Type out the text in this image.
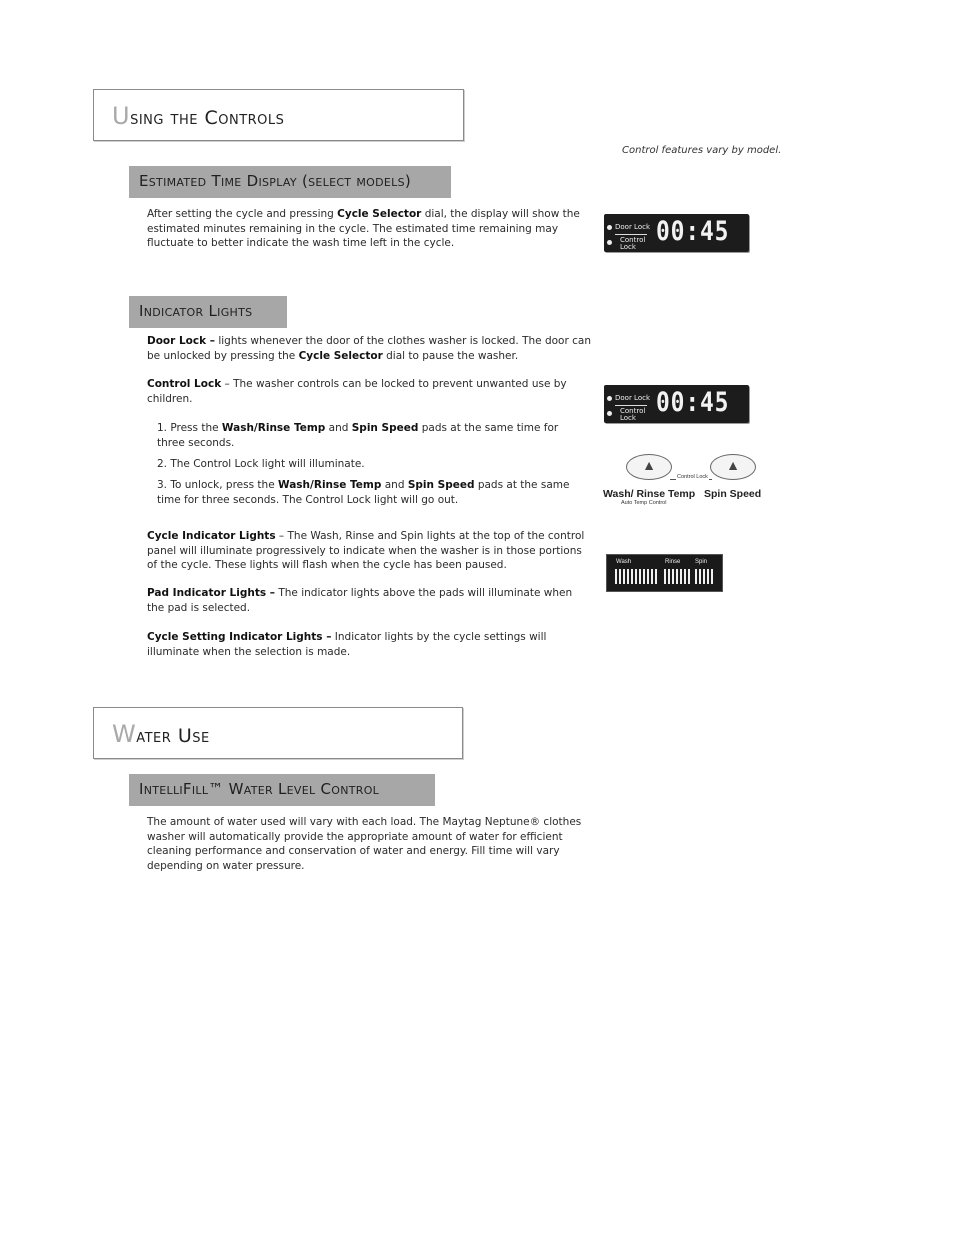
Using the Controls
Control features vary by model.
Estimated Time Display (select models)
After setting the cycle and pressing Cycle Selector dial, the display will show the estimated minutes remaining in the cycle. The estimated time remaining may fluctuate to better indicate the wash time left in the cycle.
Door Lock
Control Lock 00:45
Indicator Lights
Door Lock – lights whenever the door of the clothes washer is locked. The door can be unlocked by pressing the Cycle Selector dial to pause the washer.
Control Lock – The washer controls can be locked to prevent unwanted use by children.
1. Press the Wash/Rinse Temp and Spin Speed pads at the same time for three seconds.
2. The Control Lock light will illuminate.
3. To unlock, press the Wash/Rinse Temp and Spin Speed pads at the same time for three seconds. The Control Lock light will go out.
Cycle Indicator Lights – The Wash, Rinse and Spin lights at the top of the control panel will illuminate progressively to indicate when the washer is in those portions of the cycle. These lights will flash when the cycle has been paused.
Pad Indicator Lights – The indicator lights above the pads will illuminate when the pad is selected.
Cycle Setting Indicator Lights – Indicator lights by the cycle settings will illuminate when the selection is made.
Door Lock
Control Lock 00:45
▲	▲
Control Lock
Wash/ Rinse Temp
Auto Temp Control
Spin Speed
Wash	Rinse Spin
Water Use
IntelliFill™ Water Level Control
The amount of water used will vary with each load. The Maytag Neptune® clothes washer will automatically provide the appropriate amount of water for efficient cleaning performance and conservation of water and energy. Fill time will vary depending on water pressure.
